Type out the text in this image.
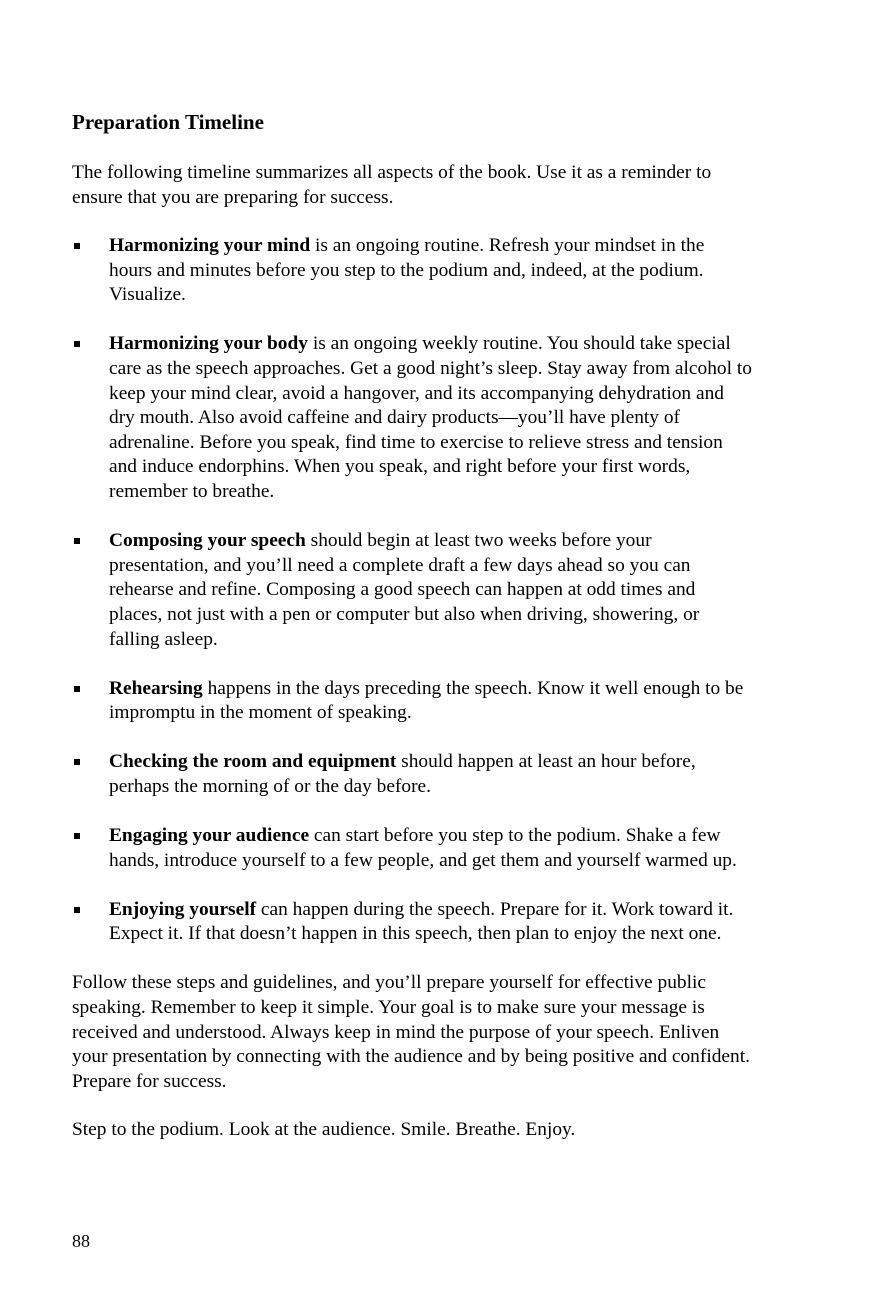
Preparation Timeline

The following timeline summarizes all aspects of the book. Use it as a reminder to ensure that you are preparing for success.

Harmonizing your mind is an ongoing routine. Refresh your mindset in the hours and minutes before you step to the podium and, indeed, at the podium. Visualize.
Harmonizing your body is an ongoing weekly routine. You should take special care as the speech approaches. Get a good night’s sleep. Stay away from alcohol to keep your mind clear, avoid a hangover, and its accompanying dehydration and dry mouth. Also avoid caffeine and dairy products—you’ll have plenty of adrenaline. Before you speak, find time to exercise to relieve stress and tension and induce endorphins. When you speak, and right before your first words, remember to breathe.
Composing your speech should begin at least two weeks before your presentation, and you’ll need a complete draft a few days ahead so you can rehearse and refine. Composing a good speech can happen at odd times and places, not just with a pen or computer but also when driving, showering, or falling asleep.
Rehearsing happens in the days preceding the speech. Know it well enough to be impromptu in the moment of speaking.
Checking the room and equipment should happen at least an hour before, perhaps the morning of or the day before.
Engaging your audience can start before you step to the podium. Shake a few hands, introduce yourself to a few people, and get them and yourself warmed up.
Enjoying yourself can happen during the speech. Prepare for it. Work toward it. Expect it. If that doesn’t happen in this speech, then plan to enjoy the next one.

Follow these steps and guidelines, and you’ll prepare yourself for effective public speaking. Remember to keep it simple. Your goal is to make sure your message is received and understood. Always keep in mind the purpose of your speech. Enliven your presentation by connecting with the audience and by being positive and confident. Prepare for success.

Step to the podium. Look at the audience. Smile. Breathe. Enjoy.

88
